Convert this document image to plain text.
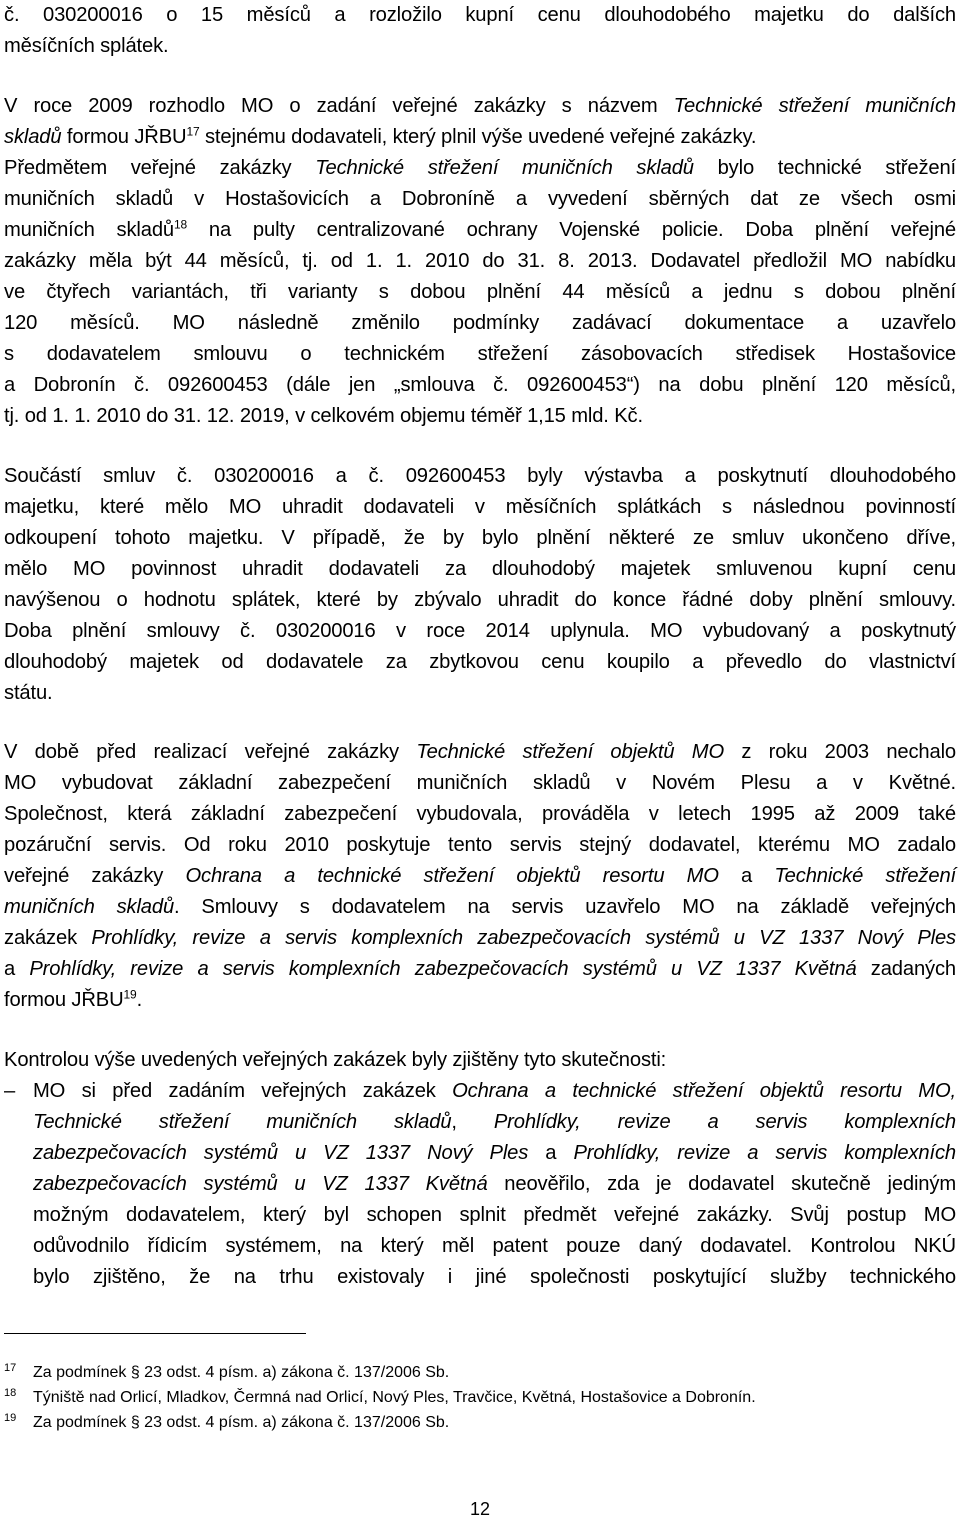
č. 030200016 o 15 měsíců a rozložilo kupní cenu dlouhodobého majetku do dalších
měsíčních splátek.
V roce 2009 rozhodlo MO o zadání veřejné zakázky s názvem Technické střežení muničních
skladů formou JŘBU$^{17}$ stejnému dodavateli, který plnil výše uvedené veřejné zakázky.
Předmětem veřejné zakázky Technické střežení muničních skladů bylo technické střežení
muničních skladů v Hostašovicích a Dobroníně a vyvedení sběrných dat ze všech osmi
muničních skladů$^{18}$ na pulty centralizované ochrany Vojenské policie. Doba plnění veřejné
zakázky měla být 44 měsíců, tj. od 1. 1. 2010 do 31. 8. 2013. Dodavatel předložil MO nabídku
ve čtyřech variantách, tři varianty s dobou plnění 44 měsíců a jednu s dobou plnění
120 měsíců. MO následně změnilo podmínky zadávací dokumentace a uzavřelo
s dodavatelem smlouvu o technickém střežení zásobovacích středisek Hostašovice
a Dobronín č. 092600453 (dále jen „smlouva č. 092600453“) na dobu plnění 120 měsíců,
tj. od 1. 1. 2010 do 31. 12. 2019, v celkovém objemu téměř 1,15 mld. Kč.
Součástí smluv č. 030200016 a č. 092600453 byly výstavba a poskytnutí dlouhodobého
majetku, které mělo MO uhradit dodavateli v měsíčních splátkách s následnou povinností
odkoupení tohoto majetku. V případě, že by bylo plnění některé ze smluv ukončeno dříve,
mělo MO povinnost uhradit dodavateli za dlouhodobý majetek smluvenou kupní cenu
navýšenou o hodnotu splátek, které by zbývalo uhradit do konce řádné doby plnění smlouvy.
Doba plnění smlouvy č. 030200016 v roce 2014 uplynula. MO vybudovaný a poskytnutý
dlouhodobý majetek od dodavatele za zbytkovou cenu koupilo a převedlo do vlastnictví
státu.
V době před realizací veřejné zakázky Technické střežení objektů MO z roku 2003 nechalo
MO vybudovat základní zabezpečení muničních skladů v Novém Plesu a v Květné.
Společnost, která základní zabezpečení vybudovala, prováděla v letech 1995 až 2009 také
pozáruční servis. Od roku 2010 poskytuje tento servis stejný dodavatel, kterému MO zadalo
veřejné zakázky Ochrana a technické střežení objektů resortu MO a Technické střežení
muničních skladů. Smlouvy s dodavatelem na servis uzavřelo MO na základě veřejných
zakázek Prohlídky, revize a servis komplexních zabezpečovacích systémů u VZ 1337 Nový Ples
a Prohlídky, revize a servis komplexních zabezpečovacích systémů u VZ 1337 Květná zadaných
formou JŘBU$^{19}$.
Kontrolou výše uvedených veřejných zakázek byly zjištěny tyto skutečnosti:
– MO si před zadáním veřejných zakázek Ochrana a technické střežení objektů resortu MO,
Technické střežení muničních skladů, Prohlídky, revize a servis komplexních
zabezpečovacích systémů u VZ 1337 Nový Ples a Prohlídky, revize a servis komplexních
zabezpečovacích systémů u VZ 1337 Květná neověřilo, zda je dodavatel skutečně jediným
možným dodavatelem, který byl schopen splnit předmět veřejné zakázky. Svůj postup MO
odůvodnilo řídicím systémem, na který měl patent pouze daný dodavatel. Kontrolou NKÚ
bylo zjištěno, že na trhu existovaly i jiné společnosti poskytující služby technického
17 Za podmínek § 23 odst. 4 písm. a) zákona č. 137/2006 Sb.
18 Týniště nad Orlicí, Mladkov, Čermná nad Orlicí, Nový Ples, Travčice, Květná, Hostašovice a Dobronín.
19 Za podmínek § 23 odst. 4 písm. a) zákona č. 137/2006 Sb.
12
